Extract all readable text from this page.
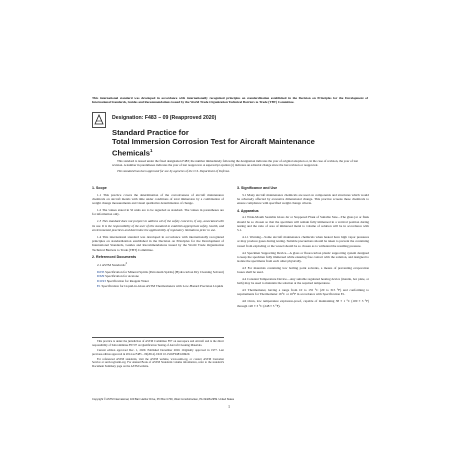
This international standard was developed in accordance with internationally recognized principles on standardization established in the Decision on Principles for the Development of International Standards, Guides and Recommendations issued by the World Trade Organization Technical Barriers to Trade (TBT) Committee.
Designation: F483 − 09 (Reapproved 2020)
Standard Practice for
Total Immersion Corrosion Test for Aircraft Maintenance
Chemicals$^1$
This standard is issued under the fixed designation F483; the number immediately following the designation indicates the year of original adoption or, in the case of revision, the year of last revision. A number in parentheses indicates the year of last reapproval. A superscript epsilon (ε) indicates an editorial change since the last revision or reapproval.
This standard has been approved for use by agencies of the U.S. Department of Defense.
1. Scope
1.1 This practice covers the determination of the corrosiveness of aircraft maintenance chemicals on aircraft metals with time under conditions of total immersion by a combination of weight change measurements and visual qualitative determination of change.
1.2 The values stated in SI units are to be regarded as standard. The values in parentheses are for information only.
1.3 This standard does not purport to address all of the safety concerns, if any, associated with its use. It is the responsibility of the user of this standard to establish appropriate safety, health, and environmental practices and determine the applicability of regulatory limitations prior to use.
1.4 This international standard was developed in accordance with internationally recognized principles on standardization established in the Decision on Principles for the Development of International Standards, Guides and Recommendations issued by the World Trade Organization Technical Barriers to Trade (TBT) Committee.
2. Referenced Documents
2.1 ASTM Standards:$^2$
D235 Specification for Mineral Spirits (Petroleum Spirits) (Hydrocarbon Dry Cleaning Solvent)
D329 Specification for Acetone
D1193 Specification for Reagent Water
E1 Specification for Liquid-in-Glass ASTM Thermometers with Low-Hazard Precision Liquids
This practice is under the jurisdiction of ASTM Committee F07 on Aerospace and Aircraft and is the direct responsibility of Subcommittee F07.07 on Qualification Testing of Aircraft Cleaning Materials.
Current edition approved Dec. 1, 2020. Published December 2020. Originally approved in 1977. Last previous edition approved in 2014 as F483 – 09(2014). DOI: 10.1520/F0483-09R20.
For referenced ASTM standards, visit the ASTM website, www.astm.org, or contact ASTM Customer Service at service@astm.org. For Annual Book of ASTM Standards volume information, refer to the standard's Document Summary page on the ASTM website.
3. Significance and Use
3.1 Many aircraft maintenance chemicals are used on components and structures which would be adversely affected by excessive dimensional change. This practice screens these chemicals to ensure compliance with specified weight change criteria.
4. Apparatus
4.1 Wide-Mouth Sealable Glass Jar or Stoppered Flask of Suitable Size—The glass jar or flask should be so chosen so that the specimen will remain fully immersed in a vertical position during testing and the ratio of area of immersed metal to volume of solution will be in accordance with 5.1.
4.1.1 Warning—Some aircraft maintenance chemicals when heated have high vapor pressures or may produce gases during testing. Suitable precautions should be taken to prevent the containing vessel from exploding or the vessel should be so chosen as to withstand the resulting pressure.
4.2 Specimen Supporting Device—A glass or fluorocarbon plastic supporting system designed to keep the specimen fully immersed while ensuring free contact with the solution, and designed to isolate the specimens from each other physically.
4.3 For materials containing low boiling point solvents, a means of preventing evaporation losses shall be used.
4.4 Constant Temperature Device—Any suitable regulated heating device (mantle, hot plate, or bath) may be used to maintain the solution at the required temperature.
4.5 Thermometer, having a range from 10 to 155 °C (20 to 315 °F) and conforming to requirements for Thermometer 16°C or 16°F in accordance with Specification E1.
4.6 Oven, low temperature explosion-proof, capable of maintaining 38 ± 1 °C (100 ± 3 °F) through 120 ± 3 °C (248 ± 5 °F).
Copyright © ASTM International, 100 Barr Harbor Drive, PO Box C700, West Conshohocken, PA 19428-2959. United States
1
